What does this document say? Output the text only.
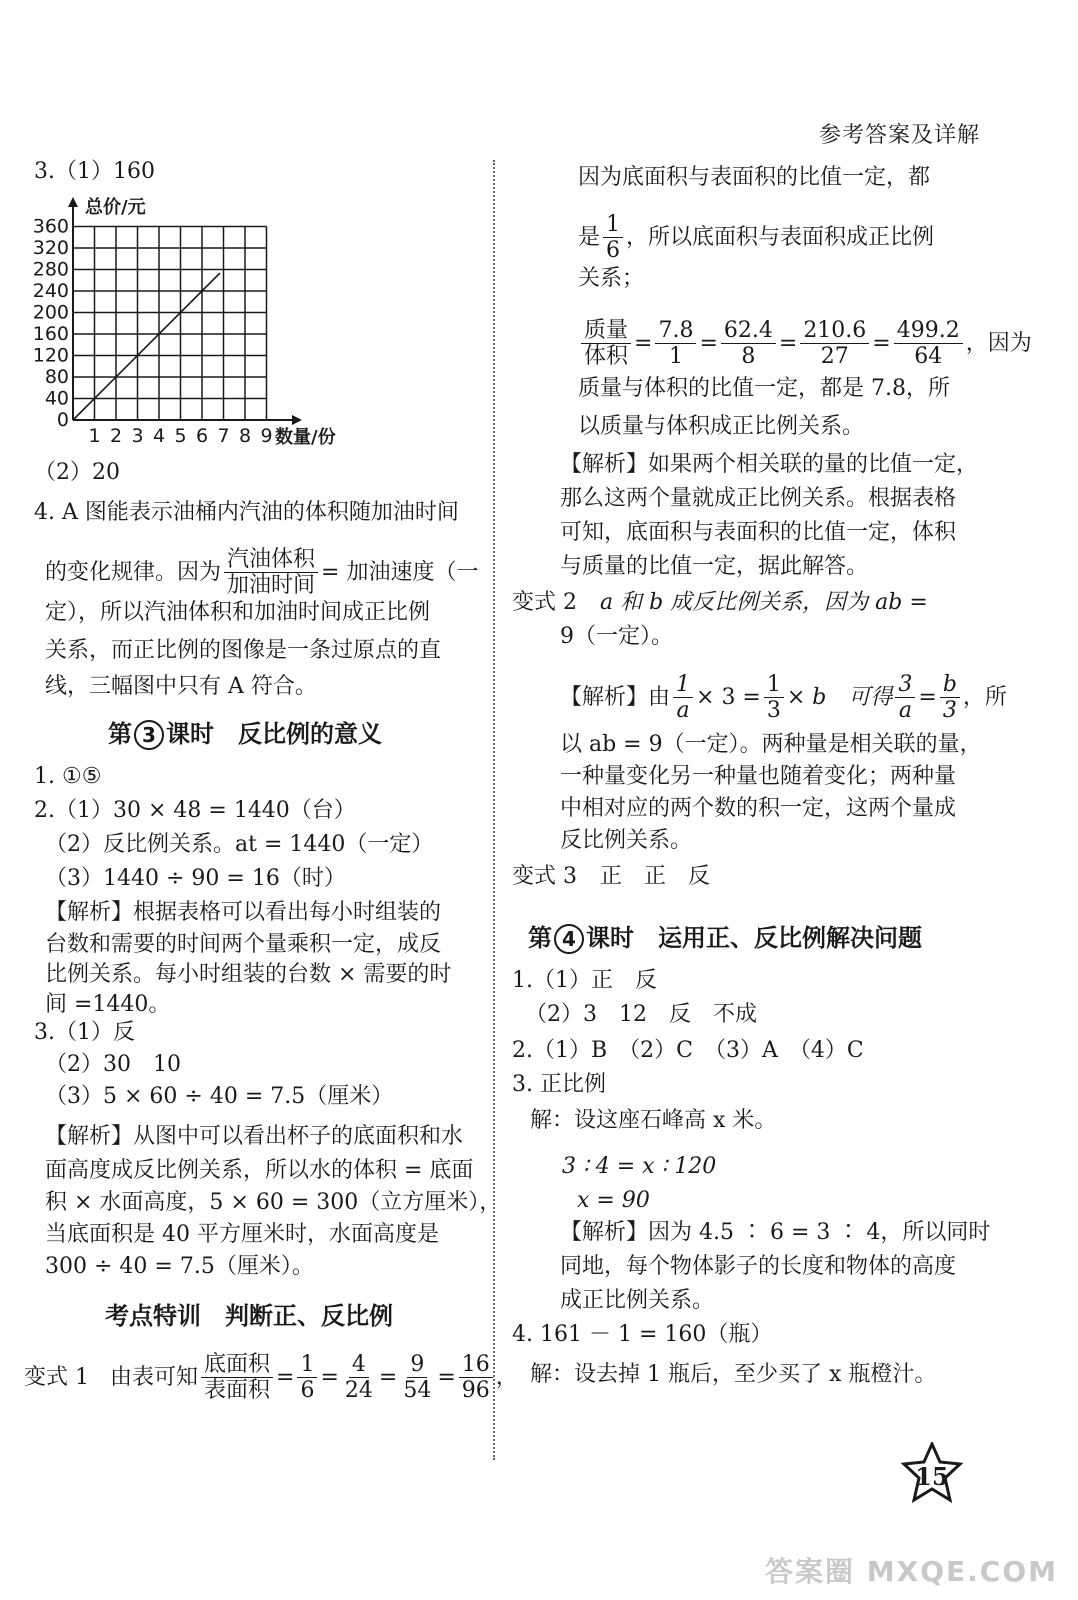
参考答案及详解
3.（1）160
总价/元
数量/份
0
40
80
120
160
200
240
280
320
360
1 2 3 4 5 6 7 8 9
（2）20
4. A 图能表示油桶内汽油的体积随加油时间
的变化规律。因为 $\frac{\text{汽油体积}}{\text{加油时间}}$ = 加油速度（一
定），所以汽油体积和加油时间成正比例
关系，而正比例的图像是一条过原点的直
线，三幅图中只有 A 符合。
第 3 课时　反比例的意义
1. ①⑤
2.（1）30 × 48 = 1440（台）
（2）反比例关系。at = 1440（一定）
（3）1440 ÷ 90 = 16（时）
【解析】根据表格可以看出每小时组装的
台数和需要的时间两个量乘积一定，成反
比例关系。每小时组装的台数 × 需要的时
间 =1440。
3.（1）反
（2）30　10
（3）5 × 60 ÷ 40 = 7.5（厘米）
【解析】从图中可以看出杯子的底面积和水
面高度成反比例关系，所以水的体积 = 底面
积 × 水面高度，5 × 60 = 300（立方厘米），
当底面积是 40 平方厘米时，水面高度是
300 ÷ 40 = 7.5（厘米）。
考点特训　判断正、反比例
变式 1 由表可知 $\frac{\text{底面积}}{\text{表面积}} = \frac{1}{6} = \frac{4}{24} = \frac{9}{54} = \frac{16}{96}$ ，
因为底面积与表面积的比值一定，都
是 $\frac{1}{6}$ ，所以底面积与表面积成正比例
关系；
$\frac{\text{质量}}{\text{体积}} = \frac{7.8}{1} = \frac{62.4}{8} = \frac{210.6}{27} = \frac{499.2}{64}$ ，因为
质量与体积的比值一定，都是 7.8，所
以质量与体积成正比例关系。
【解析】如果两个相关联的量的比值一定，
那么这两个量就成正比例关系。根据表格
可知，底面积与表面积的比值一定，体积
与质量的比值一定，据此解答。
变式 2 a 和 b 成反比例关系，因为 ab =
9（一定）。
【解析】由 $\frac{1}{a} \times 3 = \frac{1}{3} \times b$　可得 $\frac{3}{a} = \frac{b}{3}$ ，所
以 ab = 9（一定）。两种量是相关联的量，
一种量变化另一种量也随着变化；两种量
中相对应的两个数的积一定，这两个量成
反比例关系。
变式 3 正　正　反
第 4 课时　运用正、反比例解决问题
1.（1）正　反
（2）3　12　反　不成
2.（1）B　（2）C　（3）A　（4）C
3. 正比例
解：设这座石峰高 x 米。
3 ∶ 4 = x ∶ 120
x = 90
【解析】因为 4.5 ∶ 6 = 3 ∶ 4，所以同时
同地，每个物体影子的长度和物体的高度
成正比例关系。
4. 161 － 1 = 160（瓶）
解：设去掉 1 瓶后，至少买了 x 瓶橙汁。
15
答案圈 MXQE.COM
